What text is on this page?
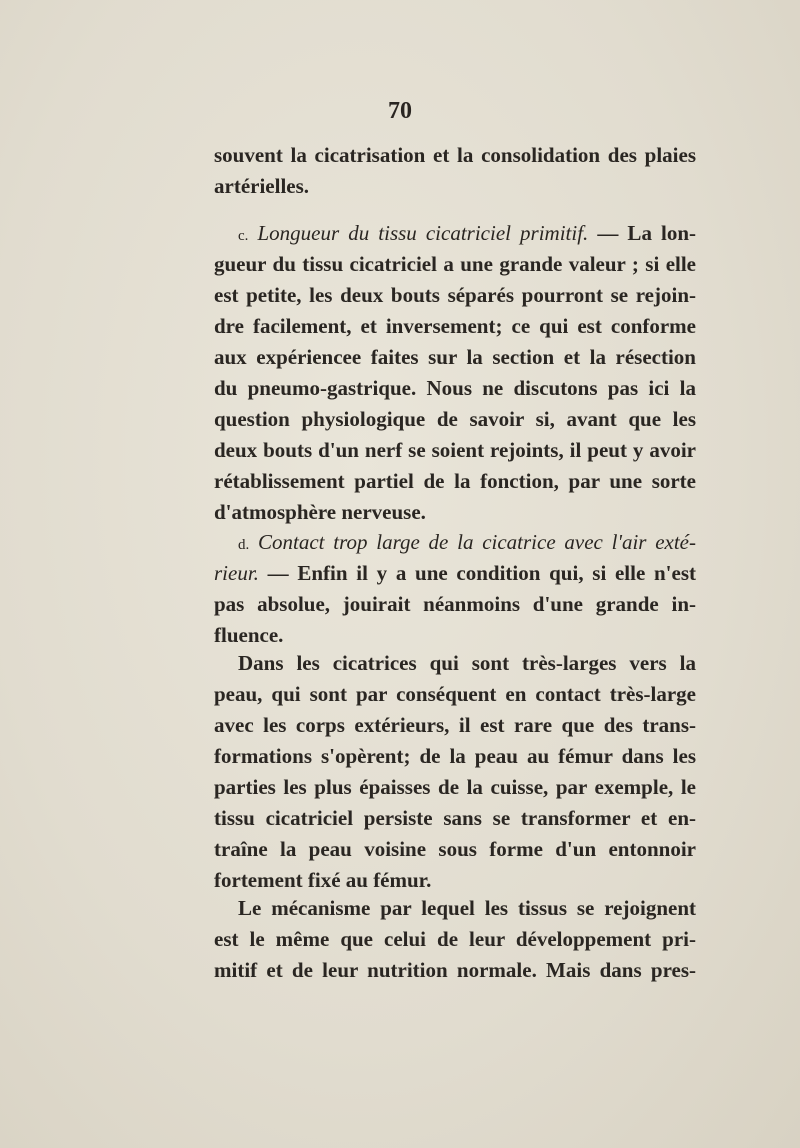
70
souvent la cicatrisation et la consolidation des plaies
artérielles.
c. Longueur du tissu cicatriciel primitif. — La lon-
gueur du tissu cicatriciel a une grande valeur ; si elle
est petite, les deux bouts séparés pourront se rejoin-
dre facilement, et inversement; ce qui est conforme
aux expériencee faites sur la section et la résection
du pneumo-gastrique. Nous ne discutons pas ici la
question physiologique de savoir si, avant que les
deux bouts d'un nerf se soient rejoints, il peut y avoir
rétablissement partiel de la fonction, par une sorte
d'atmosphère nerveuse.
d. Contact trop large de la cicatrice avec l'air exté-
rieur. — Enfin il y a une condition qui, si elle n'est
pas absolue, jouirait néanmoins d'une grande in-
fluence.
Dans les cicatrices qui sont très-larges vers la
peau, qui sont par conséquent en contact très-large
avec les corps extérieurs, il est rare que des trans-
formations s'opèrent; de la peau au fémur dans les
parties les plus épaisses de la cuisse, par exemple, le
tissu cicatriciel persiste sans se transformer et en-
traîne la peau voisine sous forme d'un entonnoir
fortement fixé au fémur.
Le mécanisme par lequel les tissus se rejoignent
est le même que celui de leur développement pri-
mitif et de leur nutrition normale. Mais dans pres-
